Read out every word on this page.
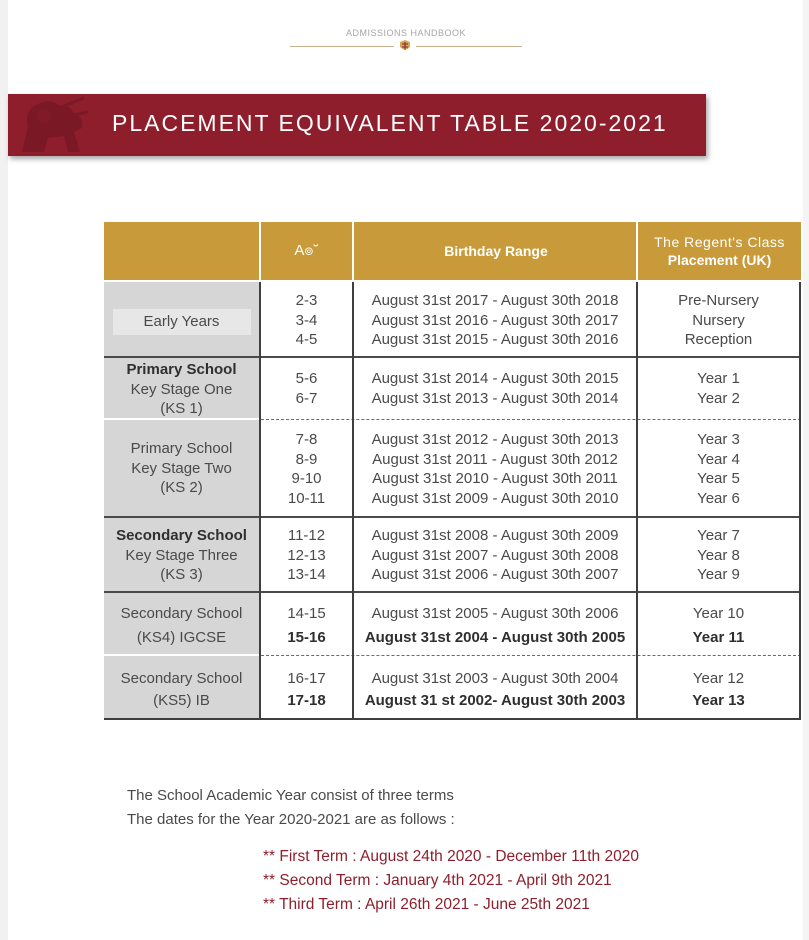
ADMISSIONS HANDBOOK
PLACEMENT EQUIVALENT TABLE 2020-2021
A๏˘	Birthday Range
The Regent's Class
Placement (UK)
Early Years
2-3
3-4
4-5
August 31st 2017 - August 30th 2018
August 31st 2016 - August 30th 2017
August 31st 2015 - August 30th 2016
Pre-Nursery
Nursery
Reception
Primary School
Key Stage One
(KS 1)
5-6
6-7
August 31st 2014 - August 30th 2015
August 31st 2013 - August 30th 2014
Year 1
Year 2
Primary School
Key Stage Two
(KS 2)
7-8
8-9
9-10
10-11
August 31st 2012 - August 30th 2013
August 31st 2011 - August 30th 2012
August 31st 2010 - August 30th 2011
August 31st 2009 - August 30th 2010
Year 3
Year 4
Year 5
Year 6
Secondary School
Key Stage Three
(KS 3)
11-12
12-13
13-14
August 31st 2008 - August 30th 2009
August 31st 2007 - August 30th 2008
August 31st 2006 - August 30th 2007
Year 7
Year 8
Year 9
Secondary School
(KS4) IGCSE
14-15
15-16
August 31st 2005 - August 30th 2006
August 31st 2004 - August 30th 2005
Year 10
Year 11
Secondary School
(KS5) IB
16-17
17-18
August 31st 2003 - August 30th 2004
August 31 st 2002- August 30th 2003
Year 12
Year 13
The School Academic Year consist of three terms
The dates for the Year 2020-2021 are as follows :
** First Term : August 24th 2020 - December 11th 2020
** Second Term : January 4th 2021 - April 9th 2021
** Third Term : April 26th 2021 - June 25th 2021
